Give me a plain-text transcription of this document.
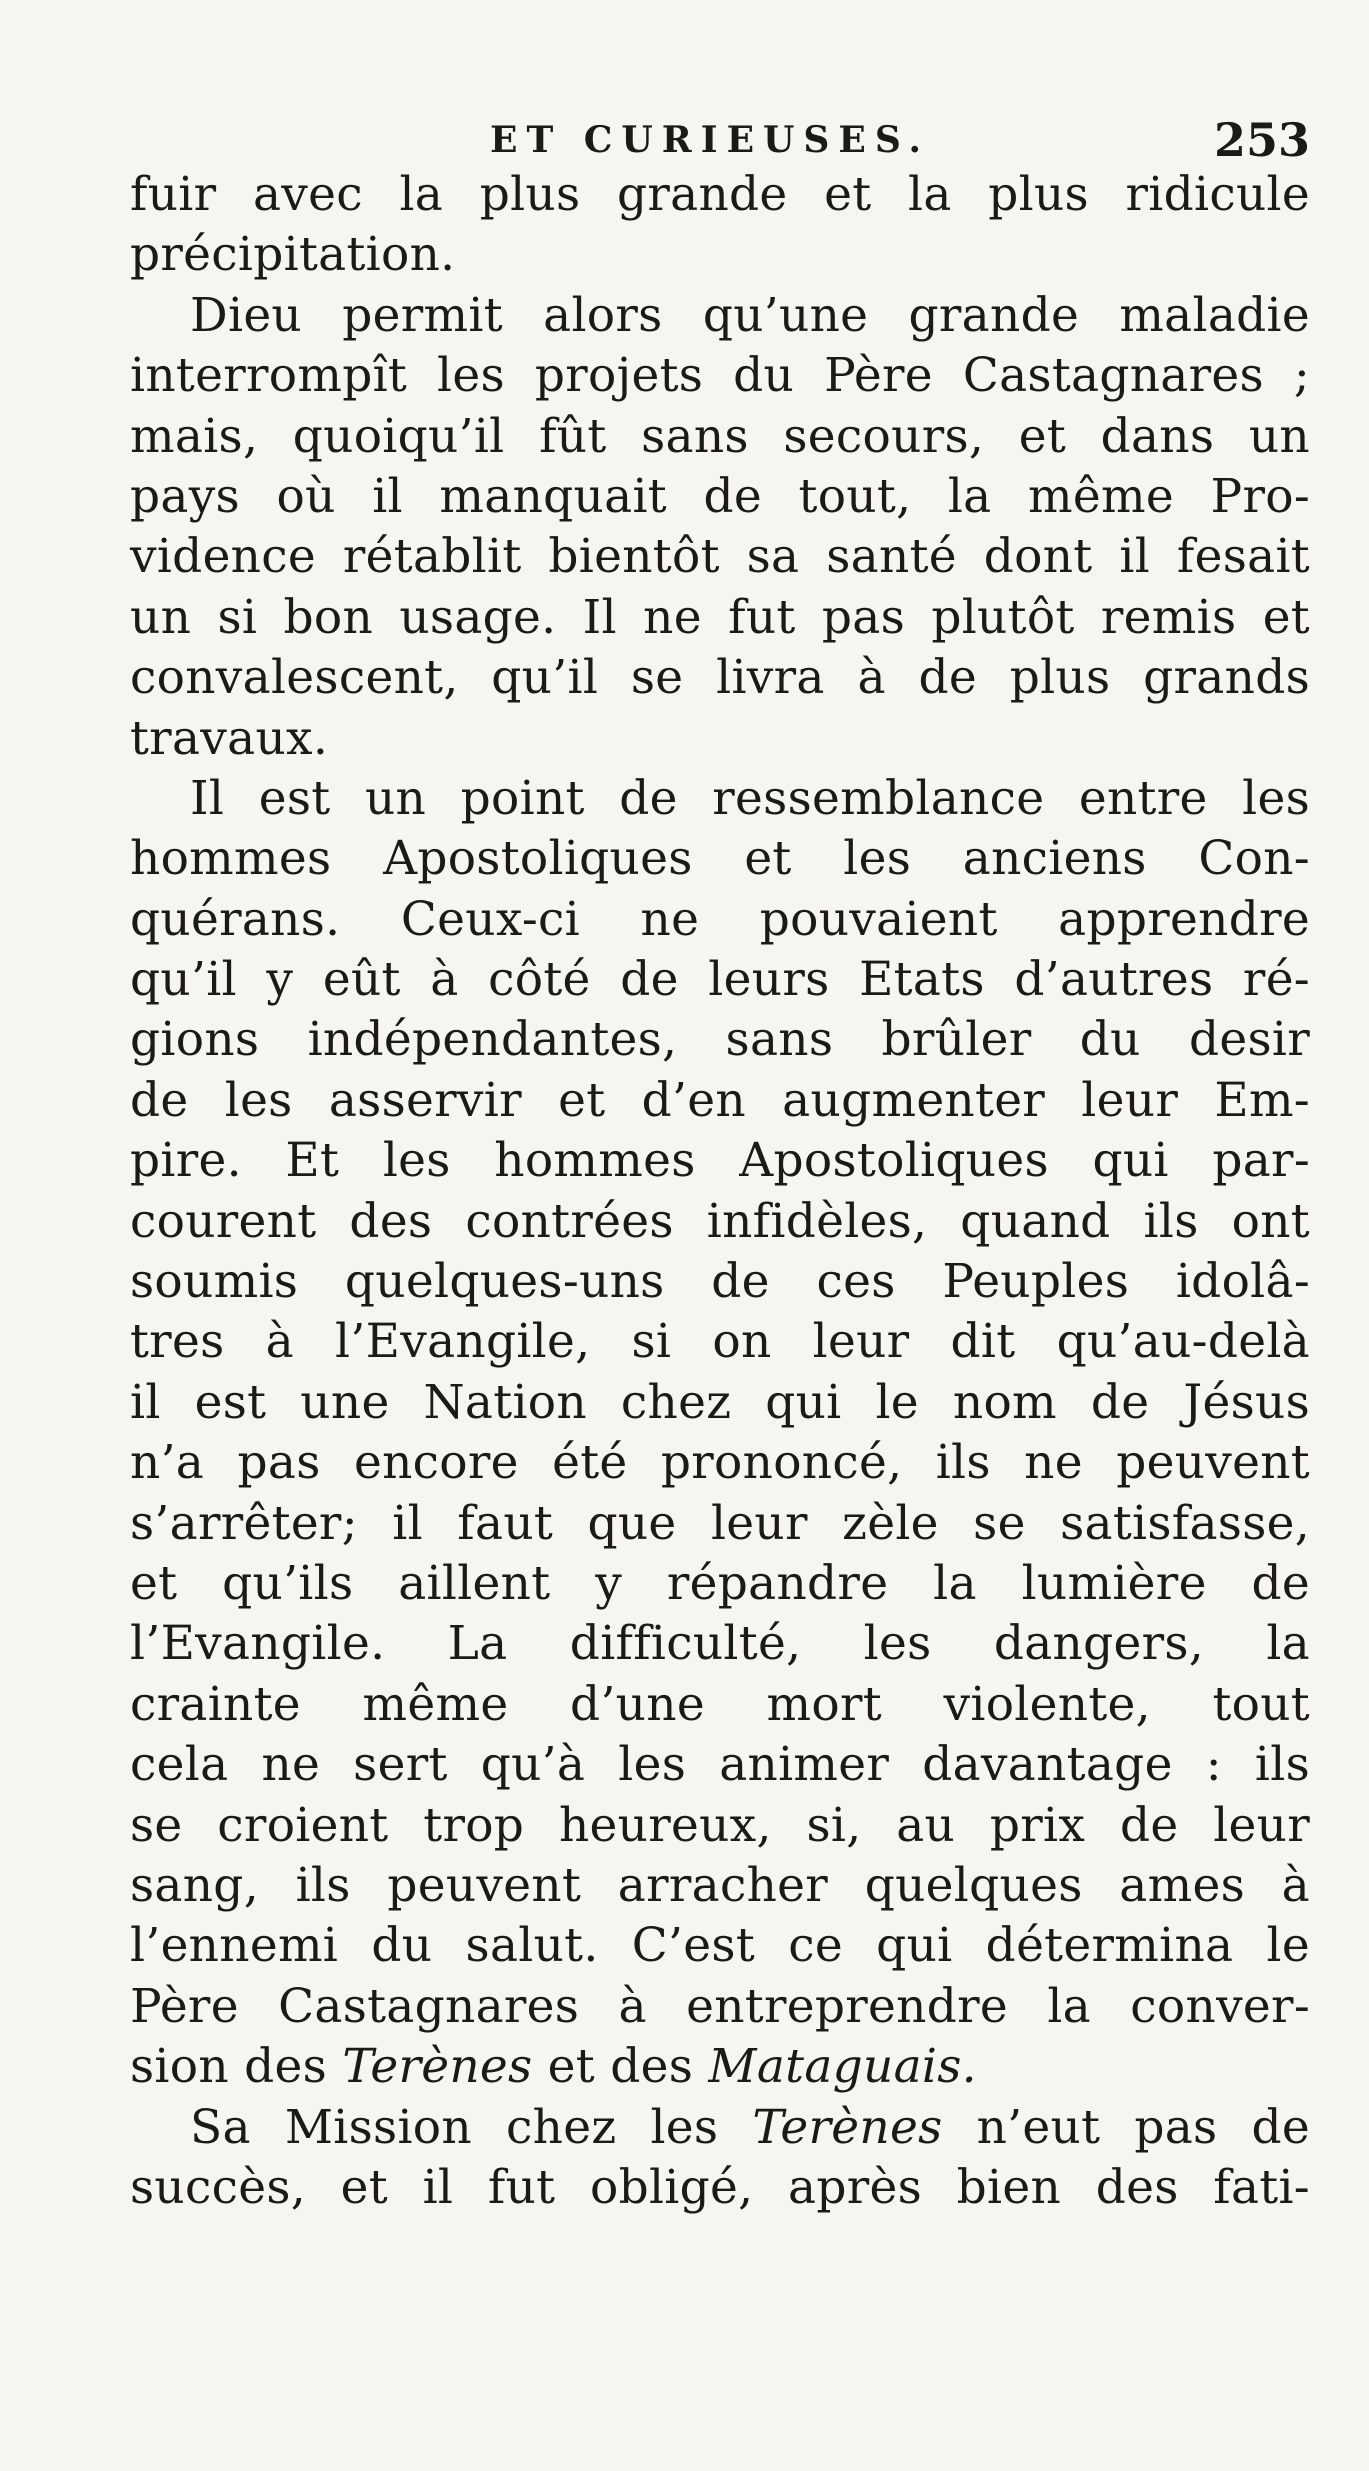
ET CURIEUSES.	253
fuir avec la plus grande et la plus ridicule
précipitation.
Dieu permit alors qu’une grande maladie
interrompît les projets du Père Castagnares ;
mais, quoiqu’il fût sans secours, et dans un
pays où il manquait de tout, la même Pro-
vidence rétablit bientôt sa santé dont il fesait
un si bon usage. Il ne fut pas plutôt remis et
convalescent, qu’il se livra à de plus grands
travaux.
Il est un point de ressemblance entre les
hommes Apostoliques et les anciens Con-
quérans. Ceux-ci ne pouvaient apprendre
qu’il y eût à côté de leurs Etats d’autres ré-
gions indépendantes, sans brûler du desir
de les asservir et d’en augmenter leur Em-
pire. Et les hommes Apostoliques qui par-
courent des contrées infidèles, quand ils ont
soumis quelques-uns de ces Peuples idolâ-
tres à l’Evangile, si on leur dit qu’au-delà
il est une Nation chez qui le nom de Jésus
n’a pas encore été prononcé, ils ne peuvent
s’arrêter; il faut que leur zèle se satisfasse,
et qu’ils aillent y répandre la lumière de
l’Evangile. La difficulté, les dangers, la
crainte même d’une mort violente, tout
cela ne sert qu’à les animer davantage : ils
se croient trop heureux, si, au prix de leur
sang, ils peuvent arracher quelques ames à
l’ennemi du salut. C’est ce qui détermina le
Père Castagnares à entreprendre la conver-
sion des Terènes et des Mataguais.
Sa Mission chez les Terènes n’eut pas de
succès, et il fut obligé, après bien des fati-
